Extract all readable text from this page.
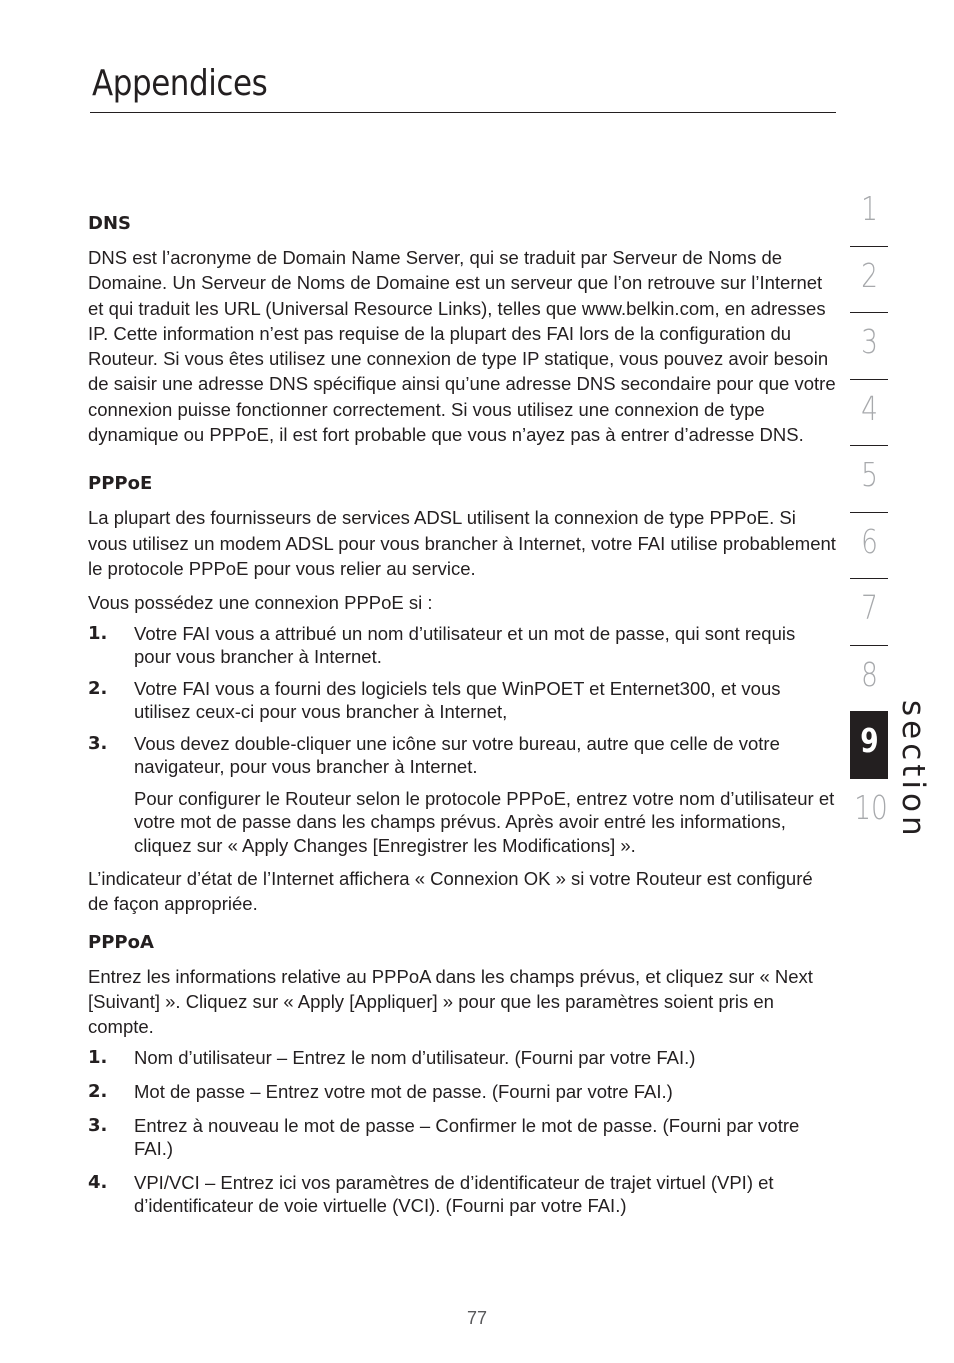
Appendices
DNS

DNS est l’acronyme de Domain Name Server, qui se traduit par Serveur de Noms de Domaine. Un Serveur de Noms de Domaine est un serveur que l’on retrouve sur l’Internet et qui traduit les URL (Universal Resource Links), telles que www.belkin.com, en adresses IP. Cette information n’est pas requise de la plupart des FAI lors de la configuration du Routeur. Si vous êtes utilisez une connexion de type IP statique, vous pouvez avoir besoin de saisir une adresse DNS spécifique ainsi qu’une adresse DNS secondaire pour que votre connexion puisse fonctionner correctement. Si vous utilisez une connexion de type dynamique ou PPPoE, il est fort probable que vous n’ayez pas à entrer d’adresse DNS.

PPPoE

La plupart des fournisseurs de services ADSL utilisent la connexion de type PPPoE. Si vous utilisez un modem ADSL pour vous brancher à Internet, votre FAI utilise probablement le protocole PPPoE pour vous relier au service.

Vous possédez une connexion PPPoE si :

1. Votre FAI vous a attribué un nom d’utilisateur et un mot de passe, qui sont requis pour vous brancher à Internet.
2. Votre FAI vous a fourni des logiciels tels que WinPOET et Enternet300, et vous utilisez ceux-ci pour vous brancher à Internet,
3. Vous devez double-cliquer une icône sur votre bureau, autre que celle de votre navigateur, pour vous brancher à Internet.

Pour configurer le Routeur selon le protocole PPPoE, entrez votre nom d’utilisateur et votre mot de passe dans les champs prévus. Après avoir entré les informations, cliquez sur « Apply Changes [Enregistrer les Modifications] ».

L’indicateur d’état de l’Internet affichera « Connexion OK » si votre Routeur est configuré de façon appropriée.

PPPoA

Entrez les informations relative au PPPoA dans les champs prévus, et cliquez sur « Next [Suivant] ». Cliquez sur « Apply [Appliquer] » pour que les paramètres soient pris en compte.

1. Nom d’utilisateur – Entrez le nom d’utilisateur. (Fourni par votre FAI.)
2. Mot de passe – Entrez votre mot de passe. (Fourni par votre FAI.)
3. Entrez à nouveau le mot de passe – Confirmer le mot de passe. (Fourni par votre FAI.)
4. VPI/VCI – Entrez ici vos paramètres de d’identificateur de trajet virtuel (VPI) et d’identificateur de voie virtuelle (VCI). (Fourni par votre FAI.)
1
2
3
4
5
6
7
8
9
10 section
77
